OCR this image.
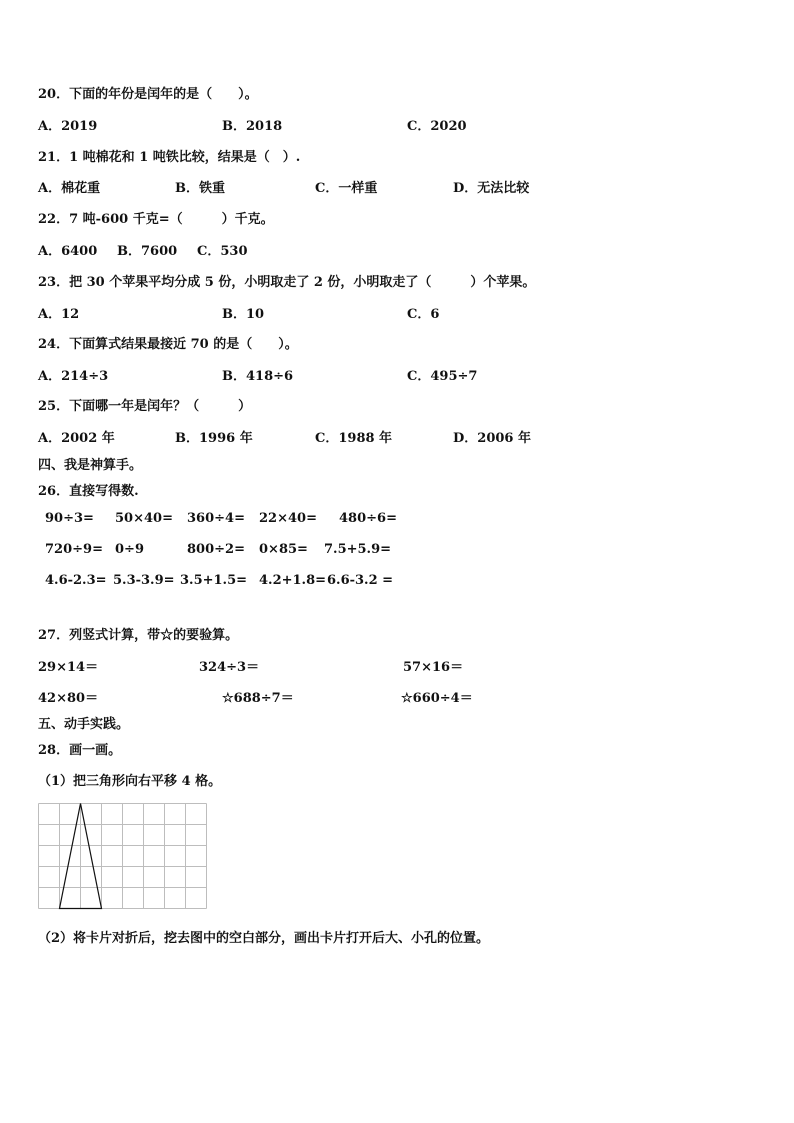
20．下面的年份是闰年的是（　　）。
A．2019	B．2018	C．2020
21．1 吨棉花和 1 吨铁比较，结果是（　）.
A．棉花重	B．铁重	C．一样重	D．无法比较
22．7 吨-600 千克=（　　　）千克。
A．6400 B．7600 C．530
23．把 30 个苹果平均分成 5 份，小明取走了 2 份，小明取走了（　　　）个苹果。
A．12	B．10	C．6
24．下面算式结果最接近 70 的是（　　）。
A．214÷3	B．418÷6	C．495÷7
25．下面哪一年是闰年？（　　　）
A．2002 年	B．1996 年	C．1988 年	D．2006 年
四、我是神算手。
26．直接写得数.
90÷3= 50×40= 360÷4= 22×40= 480÷6=
720÷9= 0÷9	800÷2= 0×85= 7.5+5.9=
4.6-2.3= 5.3-3.9= 3.5+1.5= 4.2+1.8= 6.6-3.2 =
27．列竖式计算，带☆的要验算。
29×14＝	324÷3＝	57×16＝
42×80＝	☆688÷7＝	☆660÷4＝
五、动手实践。
28．画一画。
（1）把三角形向右平移 4 格。
（2）将卡片对折后，挖去图中的空白部分，画出卡片打开后大、小孔的位置。
